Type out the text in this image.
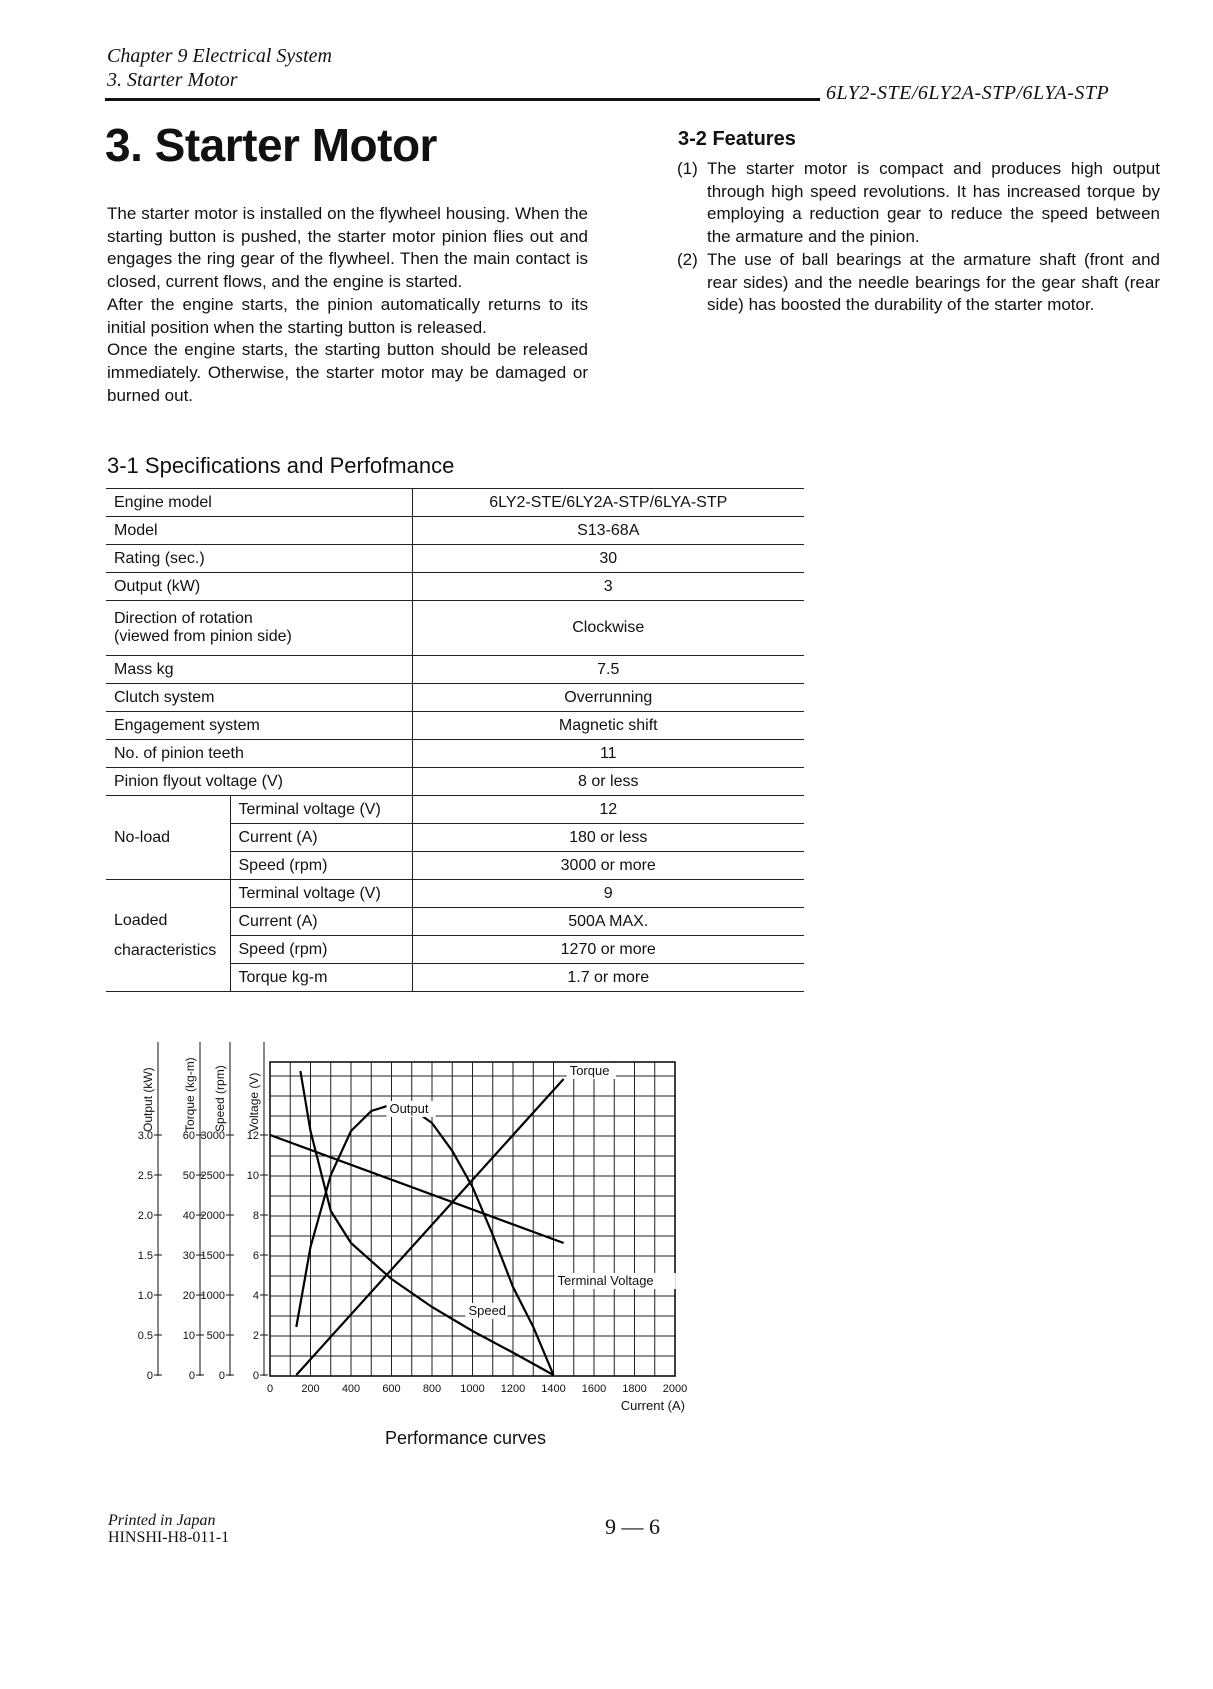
Chapter 9 Electrical System
3. Starter Motor
6LY2-STE/6LY2A-STP/6LYA-STP
3. Starter Motor

The starter motor is installed on the flywheel housing. When the starting button is pushed, the starter motor pinion flies out and engages the ring gear of the flywheel. Then the main contact is closed, current flows, and the engine is started.

After the engine starts, the pinion automatically returns to its initial position when the starting button is released.

Once the engine starts, the starting button should be released immediately. Otherwise, the starter motor may be damaged or burned out.

3-2 Features

(1) The starter motor is compact and produces high output through high speed revolutions. It has increased torque by employing a reduction gear to reduce the speed between the armature and the pinion.

(2) The use of ball bearings at the armature shaft (front and rear sides) and the needle bearings for the gear shaft (rear side) has boosted the durability of the starter motor.

3-1 Specifications and Perfofmance
Engine model		6LY2-STE/6LY2A-STP/6LYA-STP
Model		S13-68A
Rating (sec.)		30
Output (kW)		3

Direction of rotation
(viewed from pinion side)		Clockwise
Mass kg		7.5
Clutch system		Overrunning
Engagement system		Magnetic shift
No. of pinion teeth		11
Pinion flyout voltage (V)		8 or less
No-load	Terminal voltage (V)	12
	Current (A)	180 or less
	Speed (rpm)	3000 or more

Loaded
characteristics	Terminal voltage (V)	9
	Current (A)	500A MAX.
	Speed (rpm)	1270 or more
	Torque kg-m	1.7 or more
Output (kW)
0
0.5
1.0
1.5
2.0
2.5
3.0
Torque (kg-m)
0
10
20
30
40
50
60
Speed (rpm)
0
500
1000
1500
2000
2500
3000
Voltage (V)
0
2
4
6
8
10
12
0	200 400 600 800 1000 1200 1400 1600 1800 2000
Current (A)
Output
Torque
Terminal Voltage
Speed
Performance curves
Printed in Japan
HINSHI-H8-011-1	9 — 6
